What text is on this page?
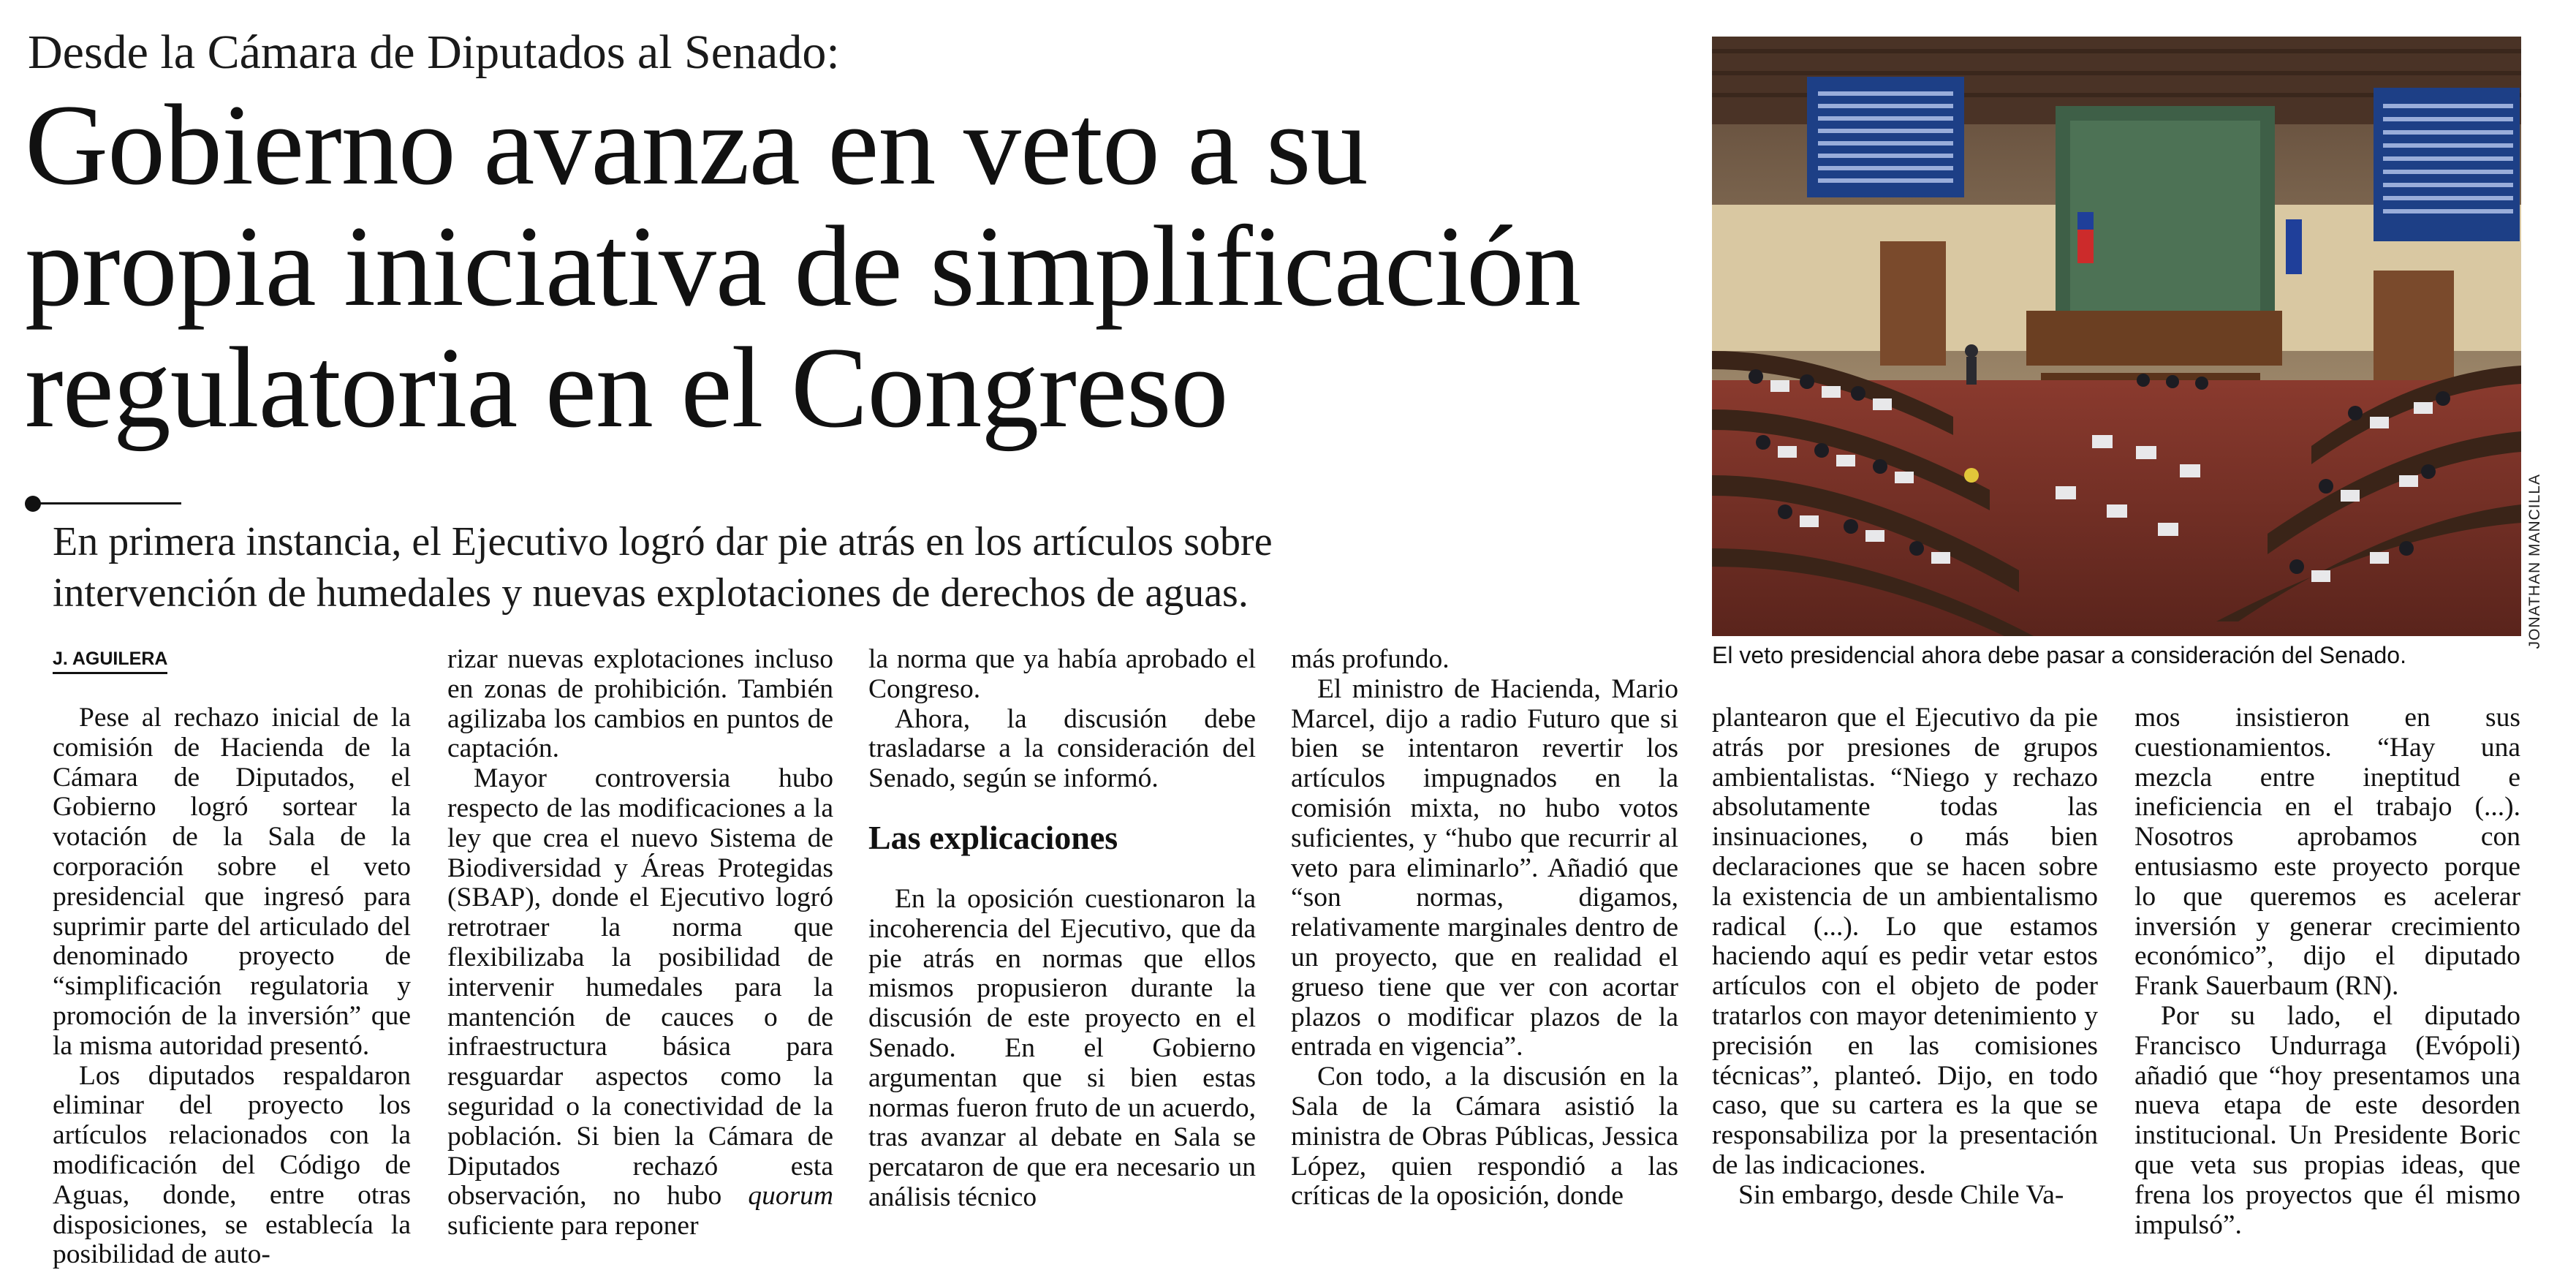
Desde la Cámara de Diputados al Senado:
Gobierno avanza en veto a su
propia iniciativa de simplificación
regulatoria en el Congreso
En primera instancia, el Ejecutivo logró dar pie atrás en los artículos sobre
intervención de humedales y nuevas explotaciones de derechos de aguas.
J. AGUILERA

Pese al rechazo inicial de la comisión de Hacienda de la Cámara de Diputados, el Gobierno logró sortear la votación de la Sala de la corporación sobre el veto presidencial que ingresó para suprimir parte del articulado del denominado proyecto de “simplificación regulatoria y promoción de la inversión” que la misma autoridad presentó.

Los diputados respaldaron eliminar del proyecto los artículos relacionados con la modificación del Código de Aguas, donde, entre otras disposiciones, se establecía la posibilidad de auto-

rizar nuevas explotaciones incluso en zonas de prohibición. También agilizaba los cambios en puntos de captación.

Mayor controversia hubo respecto de las modificaciones a la ley que crea el nuevo Sistema de Biodiversidad y Áreas Protegidas (SBAP), donde el Ejecutivo logró retrotraer la norma que flexibilizaba la posibilidad de intervenir humedales para la mantención de cauces o de infraestructura básica para resguardar aspectos como la seguridad o la conectividad de la población. Si bien la Cámara de Diputados rechazó esta observación, no hubo quorum suficiente para reponer

la norma que ya había aprobado el Congreso.

Ahora, la discusión debe trasladarse a la consideración del Senado, según se informó.

Las explicaciones

En la oposición cuestionaron la incoherencia del Ejecutivo, que da pie atrás en normas que ellos mismos propusieron durante la discusión de este proyecto en el Senado. En el Gobierno argumentan que si bien estas normas fueron fruto de un acuerdo, tras avanzar al debate en Sala se percataron de que era necesario un análisis técnico

más profundo.

El ministro de Hacienda, Mario Marcel, dijo a radio Futuro que si bien se intentaron revertir los artículos impugnados en la comisión mixta, no hubo votos suficientes, y “hubo que recurrir al veto para eliminarlo”. Añadió que “son normas, digamos, relativamente marginales dentro de un proyecto, que en realidad el grueso tiene que ver con acortar plazos o modificar plazos de la entrada en vigencia”.

Con todo, a la discusión en la Sala de la Cámara asistió la ministra de Obras Públicas, Jessica López, quien respondió a las críticas de la oposición, donde

plantearon que el Ejecutivo da pie atrás por presiones de grupos ambientalistas. “Niego y rechazo absolutamente todas las insinuaciones, o más bien declaraciones que se hacen sobre la existencia de un ambientalismo radical (...). Lo que estamos haciendo aquí es pedir vetar estos artículos con el objeto de poder tratarlos con mayor detenimiento y precisión en las comisiones técnicas”, planteó. Dijo, en todo caso, que su cartera es la que se responsabiliza por la presentación de las indicaciones.

Sin embargo, desde Chile Va-

mos insistieron en sus cuestionamientos. “Hay una mezcla entre ineptitud e ineficiencia en el trabajo (...). Nosotros aprobamos con entusiasmo este proyecto porque lo que queremos es acelerar inversión y generar crecimiento económico”, dijo el diputado Frank Sauerbaum (RN).

Por su lado, el diputado Francisco Undurraga (Evópoli) añadió que “hoy presentamos una nueva etapa de este desorden institucional. Un Presidente Boric que veta sus propias ideas, que frena los proyectos que él mismo impulsó”.

JONATHAN MANCILLA
El veto presidencial ahora debe pasar a consideración del Senado.
